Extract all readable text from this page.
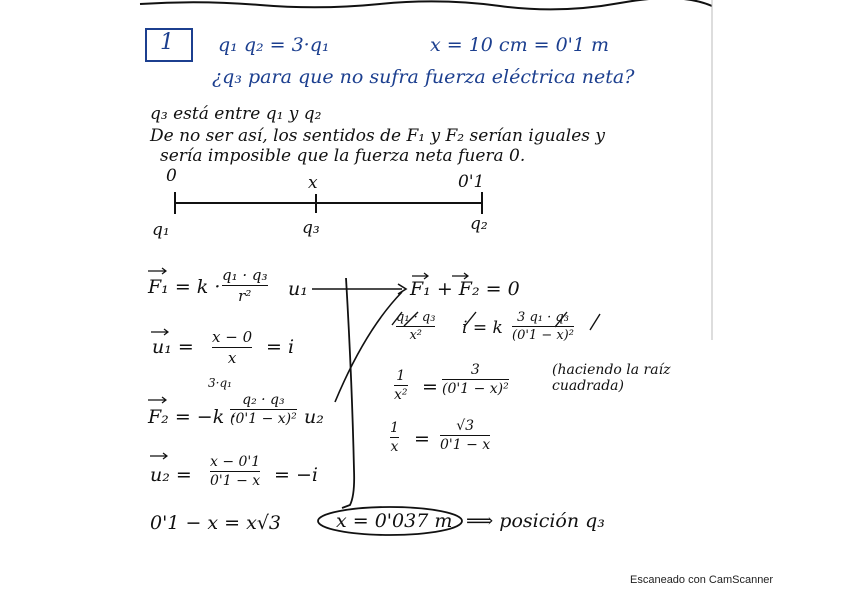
1 q₁ q₂ = 3·q₁	x = 10 cm = 0'1 m
¿q₃ para que no sufra fuerza eléctrica neta?
q₃ está entre q₁ y q₂
De no ser así, los sentidos de F₁ y F₂ serían iguales y
sería imposible que la fuerza neta fuera 0.
0	x	0'1
q₁	q₃	q₂
F₁ = k ·
q₁ · q₃
r² u₁
u₁ = x − 0
x = i
3·q₁
F₂ = −k ·
q₂ · q₃
(0'1 − x)² u₂
u₂ =
x − 0'1
0'1 − x = −i
F₁ + F₂ = 0
q₁ · q₃
x² i = k
3 q₁ · q₃
(0'1 − x)²
1
x² =
3
(0'1 − x)²
(haciendo la raíz cuadrada)
1
x =
√3
0'1 − x
0'1 − x = x√3	x = 0'037 m ⟹ posición q₃
Escaneado con CamScanner
